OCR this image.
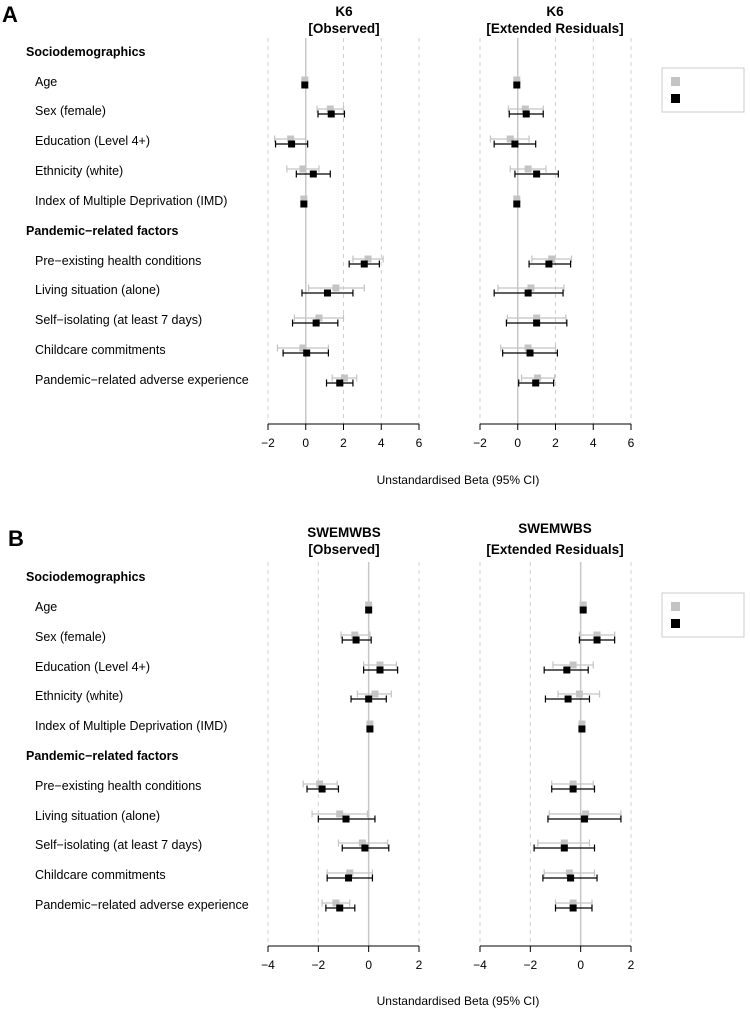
A	K6
[Observed]
K6
[Extended Residuals]
Sociodemographics
Pandemic−related factors
Age
Sex (female)
Education (Level 4+)
Ethnicity (white)
Index of Multiple Deprivation (IMD)
Pre−existing health conditions
Living situation (alone)
Self−isolating (at least 7 days)
Childcare commitments
Pandemic−related adverse experience
Unstandardised Beta (95% CI)
B	SWEMWBS
[Observed]
SWEMWBS
[Extended Residuals]
Sociodemographics
Pandemic−related factors
Age
Sex (female)
Education (Level 4+)
Ethnicity (white)
Index of Multiple Deprivation (IMD)
Pre−existing health conditions
Living situation (alone)
Self−isolating (at least 7 days)
Childcare commitments
Pandemic−related adverse experience
Unstandardised Beta (95% CI)
−2 0	2	4	6	−2 0	2	4	6
−4	−2	0	2	−4	−2	0	2
